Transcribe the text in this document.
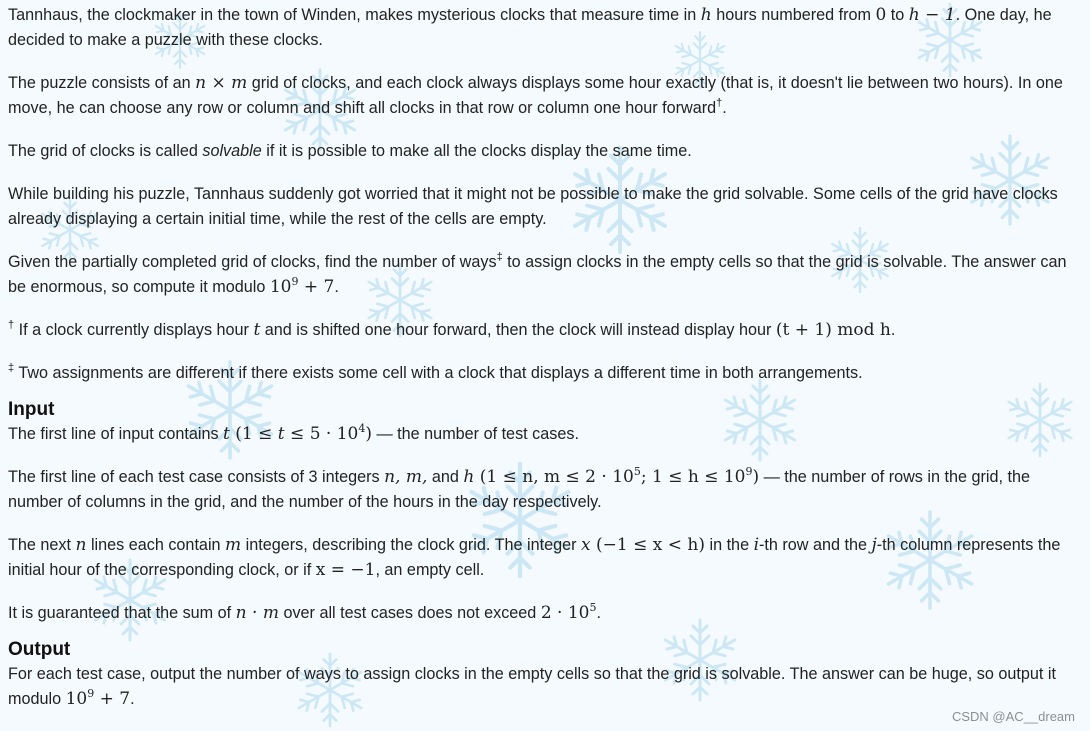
Tannhaus, the clockmaker in the town of Winden, makes mysterious clocks that measure time in h hours numbered from 0 to h − 1. One day, he decided to make a puzzle with these clocks.

The puzzle consists of an n × m grid of clocks, and each clock always displays some hour exactly (that is, it doesn't lie between two hours). In one move, he can choose any row or column and shift all clocks in that row or column one hour forward†.

The grid of clocks is called solvable if it is possible to make all the clocks display the same time.

While building his puzzle, Tannhaus suddenly got worried that it might not be possible to make the grid solvable. Some cells of the grid have clocks already displaying a certain initial time, while the rest of the cells are empty.

Given the partially completed grid of clocks, find the number of ways‡ to assign clocks in the empty cells so that the grid is solvable. The answer can be enormous, so compute it modulo $10^9 + 7$.

† If a clock currently displays hour t and is shifted one hour forward, then the clock will instead display hour (t + 1) mod h.

‡ Two assignments are different if there exists some cell with a clock that displays a different time in both arrangements.

Input

The first line of input contains t $(1 \le t \le 5 \cdot 10^4)$ — the number of test cases.

The first line of each test case consists of 3 integers n, m, and h (1 ≤ n, $m \le 2 \cdot 10^5$; $1 \le h \le 10^9$) — the number of rows in the grid, the number of columns in the grid, and the number of the hours in the day respectively.

The next n lines each contain m integers, describing the clock grid. The integer x (−1 ≤ x < h) in the i-th row and the j-th column represents the initial hour of the corresponding clock, or if x = −1, an empty cell.

It is guaranteed that the sum of n · m over all test cases does not exceed $2 \cdot 10^5$.

Output

For each test case, output the number of ways to assign clocks in the empty cells so that the grid is solvable. The answer can be huge, so output it modulo $10^9 + 7$.

CSDN @AC__dream
